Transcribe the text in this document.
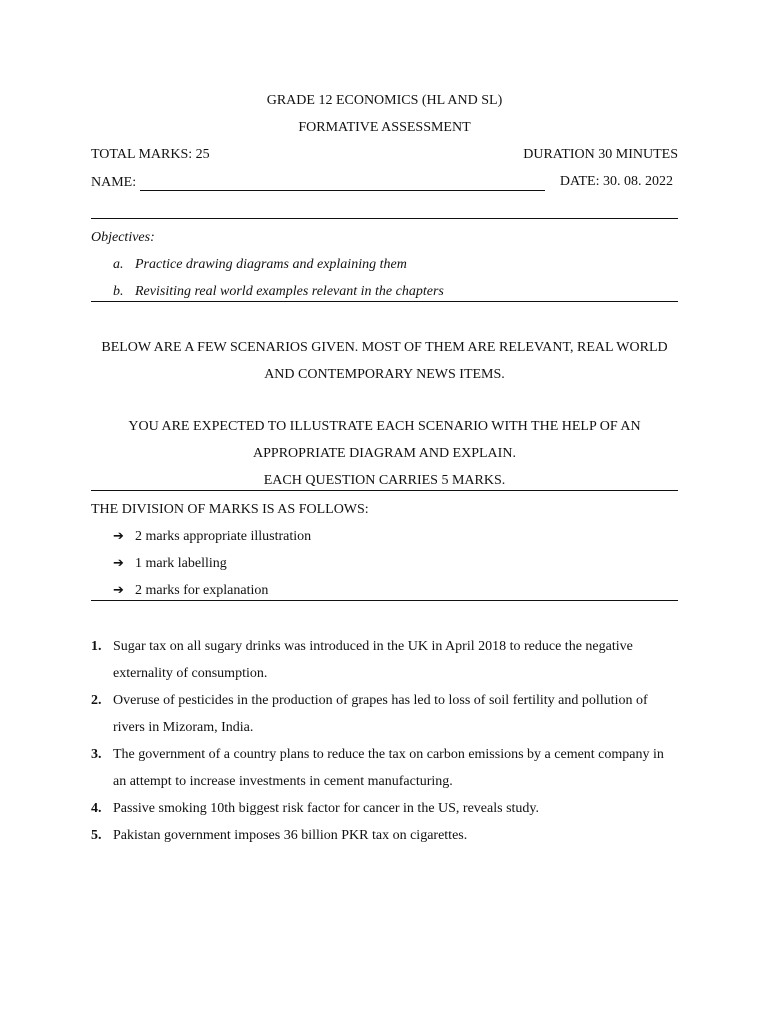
GRADE 12 ECONOMICS (HL AND SL)
FORMATIVE ASSESSMENT
TOTAL MARKS: 25	DURATION 30 MINUTES
NAME:	DATE: 30. 08. 2022
Objectives:
a. Practice drawing diagrams and explaining them
b. Revisiting real world examples relevant in the chapters
BELOW ARE A FEW SCENARIOS GIVEN. MOST OF THEM ARE RELEVANT, REAL WORLD AND CONTEMPORARY NEWS ITEMS.
YOU ARE EXPECTED TO ILLUSTRATE EACH SCENARIO WITH THE HELP OF AN APPROPRIATE DIAGRAM AND EXPLAIN.
EACH QUESTION CARRIES 5 MARKS.
THE DIVISION OF MARKS IS AS FOLLOWS:
➔ 2 marks appropriate illustration
➔ 1 mark labelling
➔ 2 marks for explanation
1. Sugar tax on all sugary drinks was introduced in the UK in April 2018 to reduce the negative externality of consumption.
2. Overuse of pesticides in the production of grapes has led to loss of soil fertility and pollution of rivers in Mizoram, India.
3. The government of a country plans to reduce the tax on carbon emissions by a cement company in an attempt to increase investments in cement manufacturing.
4. Passive smoking 10th biggest risk factor for cancer in the US, reveals study.
5. Pakistan government imposes 36 billion PKR tax on cigarettes.
